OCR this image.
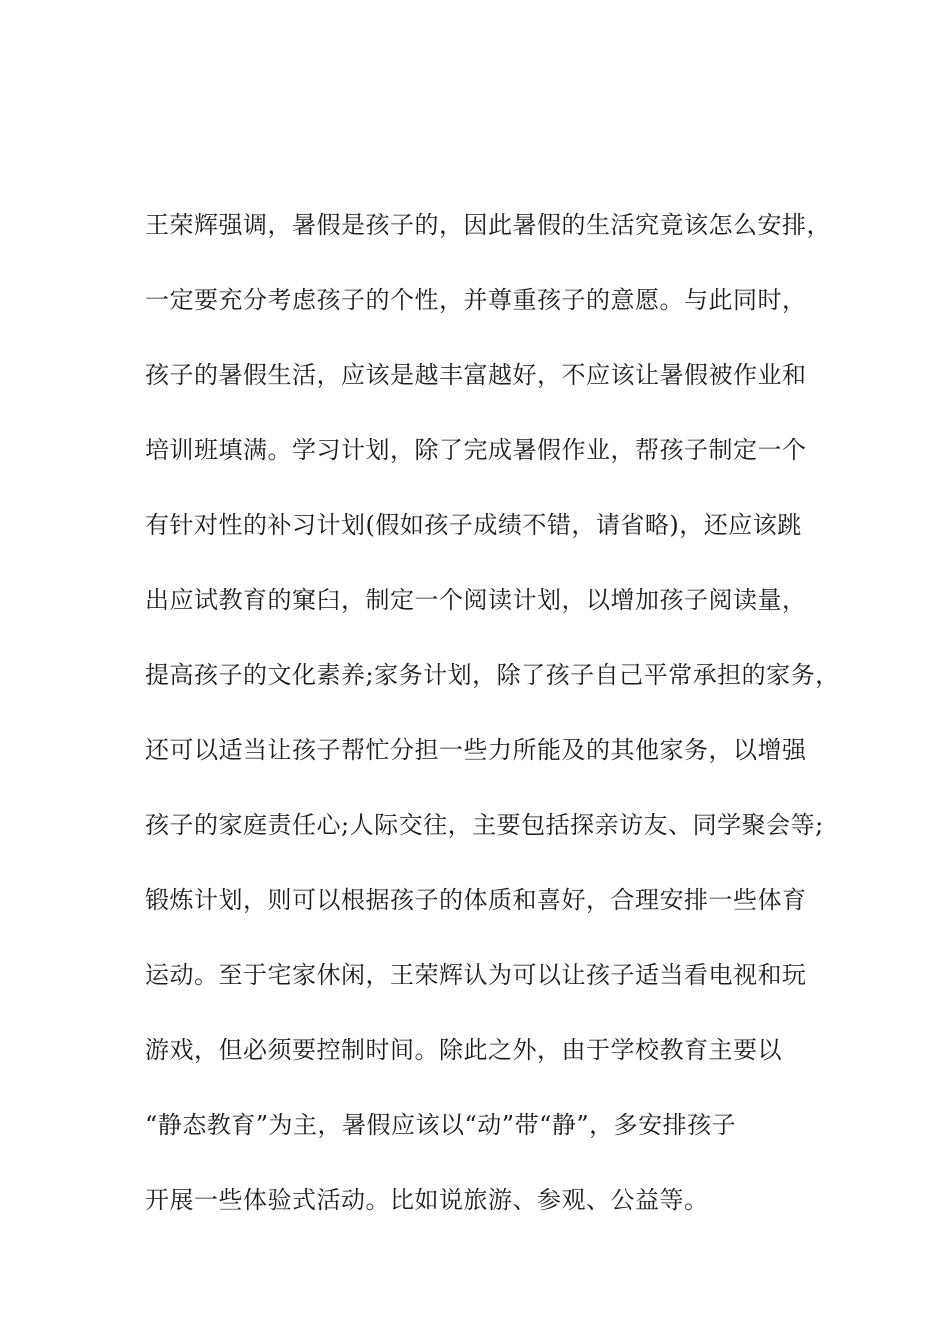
王荣辉强调，暑假是孩子的，因此暑假的生活究竟该怎么安排，
一定要充分考虑孩子的个性，并尊重孩子的意愿。与此同时，
孩子的暑假生活，应该是越丰富越好，不应该让暑假被作业和
培训班填满。学习计划，除了完成暑假作业，帮孩子制定一个
有针对性的补习计划(假如孩子成绩不错，请省略)，还应该跳
出应试教育的窠臼，制定一个阅读计划，以增加孩子阅读量，
提高孩子的文化素养;家务计划，除了孩子自己平常承担的家务，
还可以适当让孩子帮忙分担一些力所能及的其他家务，以增强
孩子的家庭责任心;人际交往，主要包括探亲访友、同学聚会等;
锻炼计划，则可以根据孩子的体质和喜好，合理安排一些体育
运动。至于宅家休闲，王荣辉认为可以让孩子适当看电视和玩
游戏，但必须要控制时间。除此之外，由于学校教育主要以
“静态教育”为主，暑假应该以“动”带“静”，多安排孩子
开展一些体验式活动。比如说旅游、参观、公益等。
